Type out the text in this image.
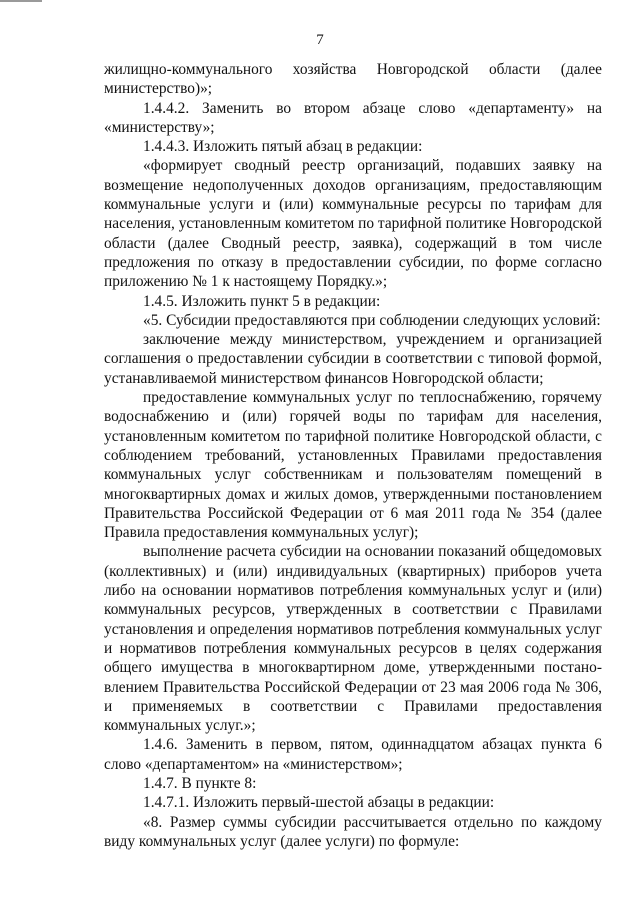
7

жилищно-коммунального хозяйства Новгородской области (далее министерство)»;

1.4.4.2. Заменить во втором абзаце слово «департаменту» на «министерству»;

1.4.4.3. Изложить пятый абзац в редакции:

«формирует сводный реестр организаций, подавших заявку на возмещение недополученных доходов организациям, предоставляющим коммунальные услуги и (или) коммунальные ресурсы по тарифам для населения, установленным комитетом по тарифной политике Новгородской области (далее Сводный реестр, заявка), содержащий в том числе предложения по отказу в предоставлении субсидии, по форме согласно приложению № 1 к настоящему Порядку.»;

1.4.5. Изложить пункт 5 в редакции:

«5. Субсидии предоставляются при соблюдении следующих условий:

заключение между министерством, учреждением и организацией соглашения о предоставлении субсидии в соответствии с типовой формой, устанавливаемой министерством финансов Новгородской области;

предоставление коммунальных услуг по теплоснабжению, горячему водоснабжению и (или) горячей воды по тарифам для населения, установленным комитетом по тарифной политике Новгородской области, с соблюдением требований, установленных Правилами предоставления коммунальных услуг собственникам и пользователям помещений в многоквартирных домах и жилых домов, утвержденными постановлением Правительства Российской Федерации от 6 мая 2011 года № 354 (далее Правила предоставления коммунальных услуг);

выполнение расчета субсидии на основании показаний общедомовых (коллективных) и (или) индивидуальных (квартирных) приборов учета либо на основании нормативов потребления коммунальных услуг и (или) коммунальных ресурсов, утвержденных в соответствии с Правилами установления и определения нормативов потребления коммунальных услуг и нормативов потребления коммунальных ресурсов в целях содержания общего имущества в многоквартирном доме, утвержденными постано-влением Правительства Российской Федерации от 23 мая 2006 года № 306, и применяемых в соответствии с Правилами предоставления коммунальных услуг.»;

1.4.6. Заменить в первом, пятом, одиннадцатом абзацах пункта 6 слово «департаментом» на «министерством»;

1.4.7. В пункте 8:

1.4.7.1. Изложить первый-шестой абзацы в редакции:

«8. Размер суммы субсидии рассчитывается отдельно по каждому виду коммунальных услуг (далее услуги) по формуле:
